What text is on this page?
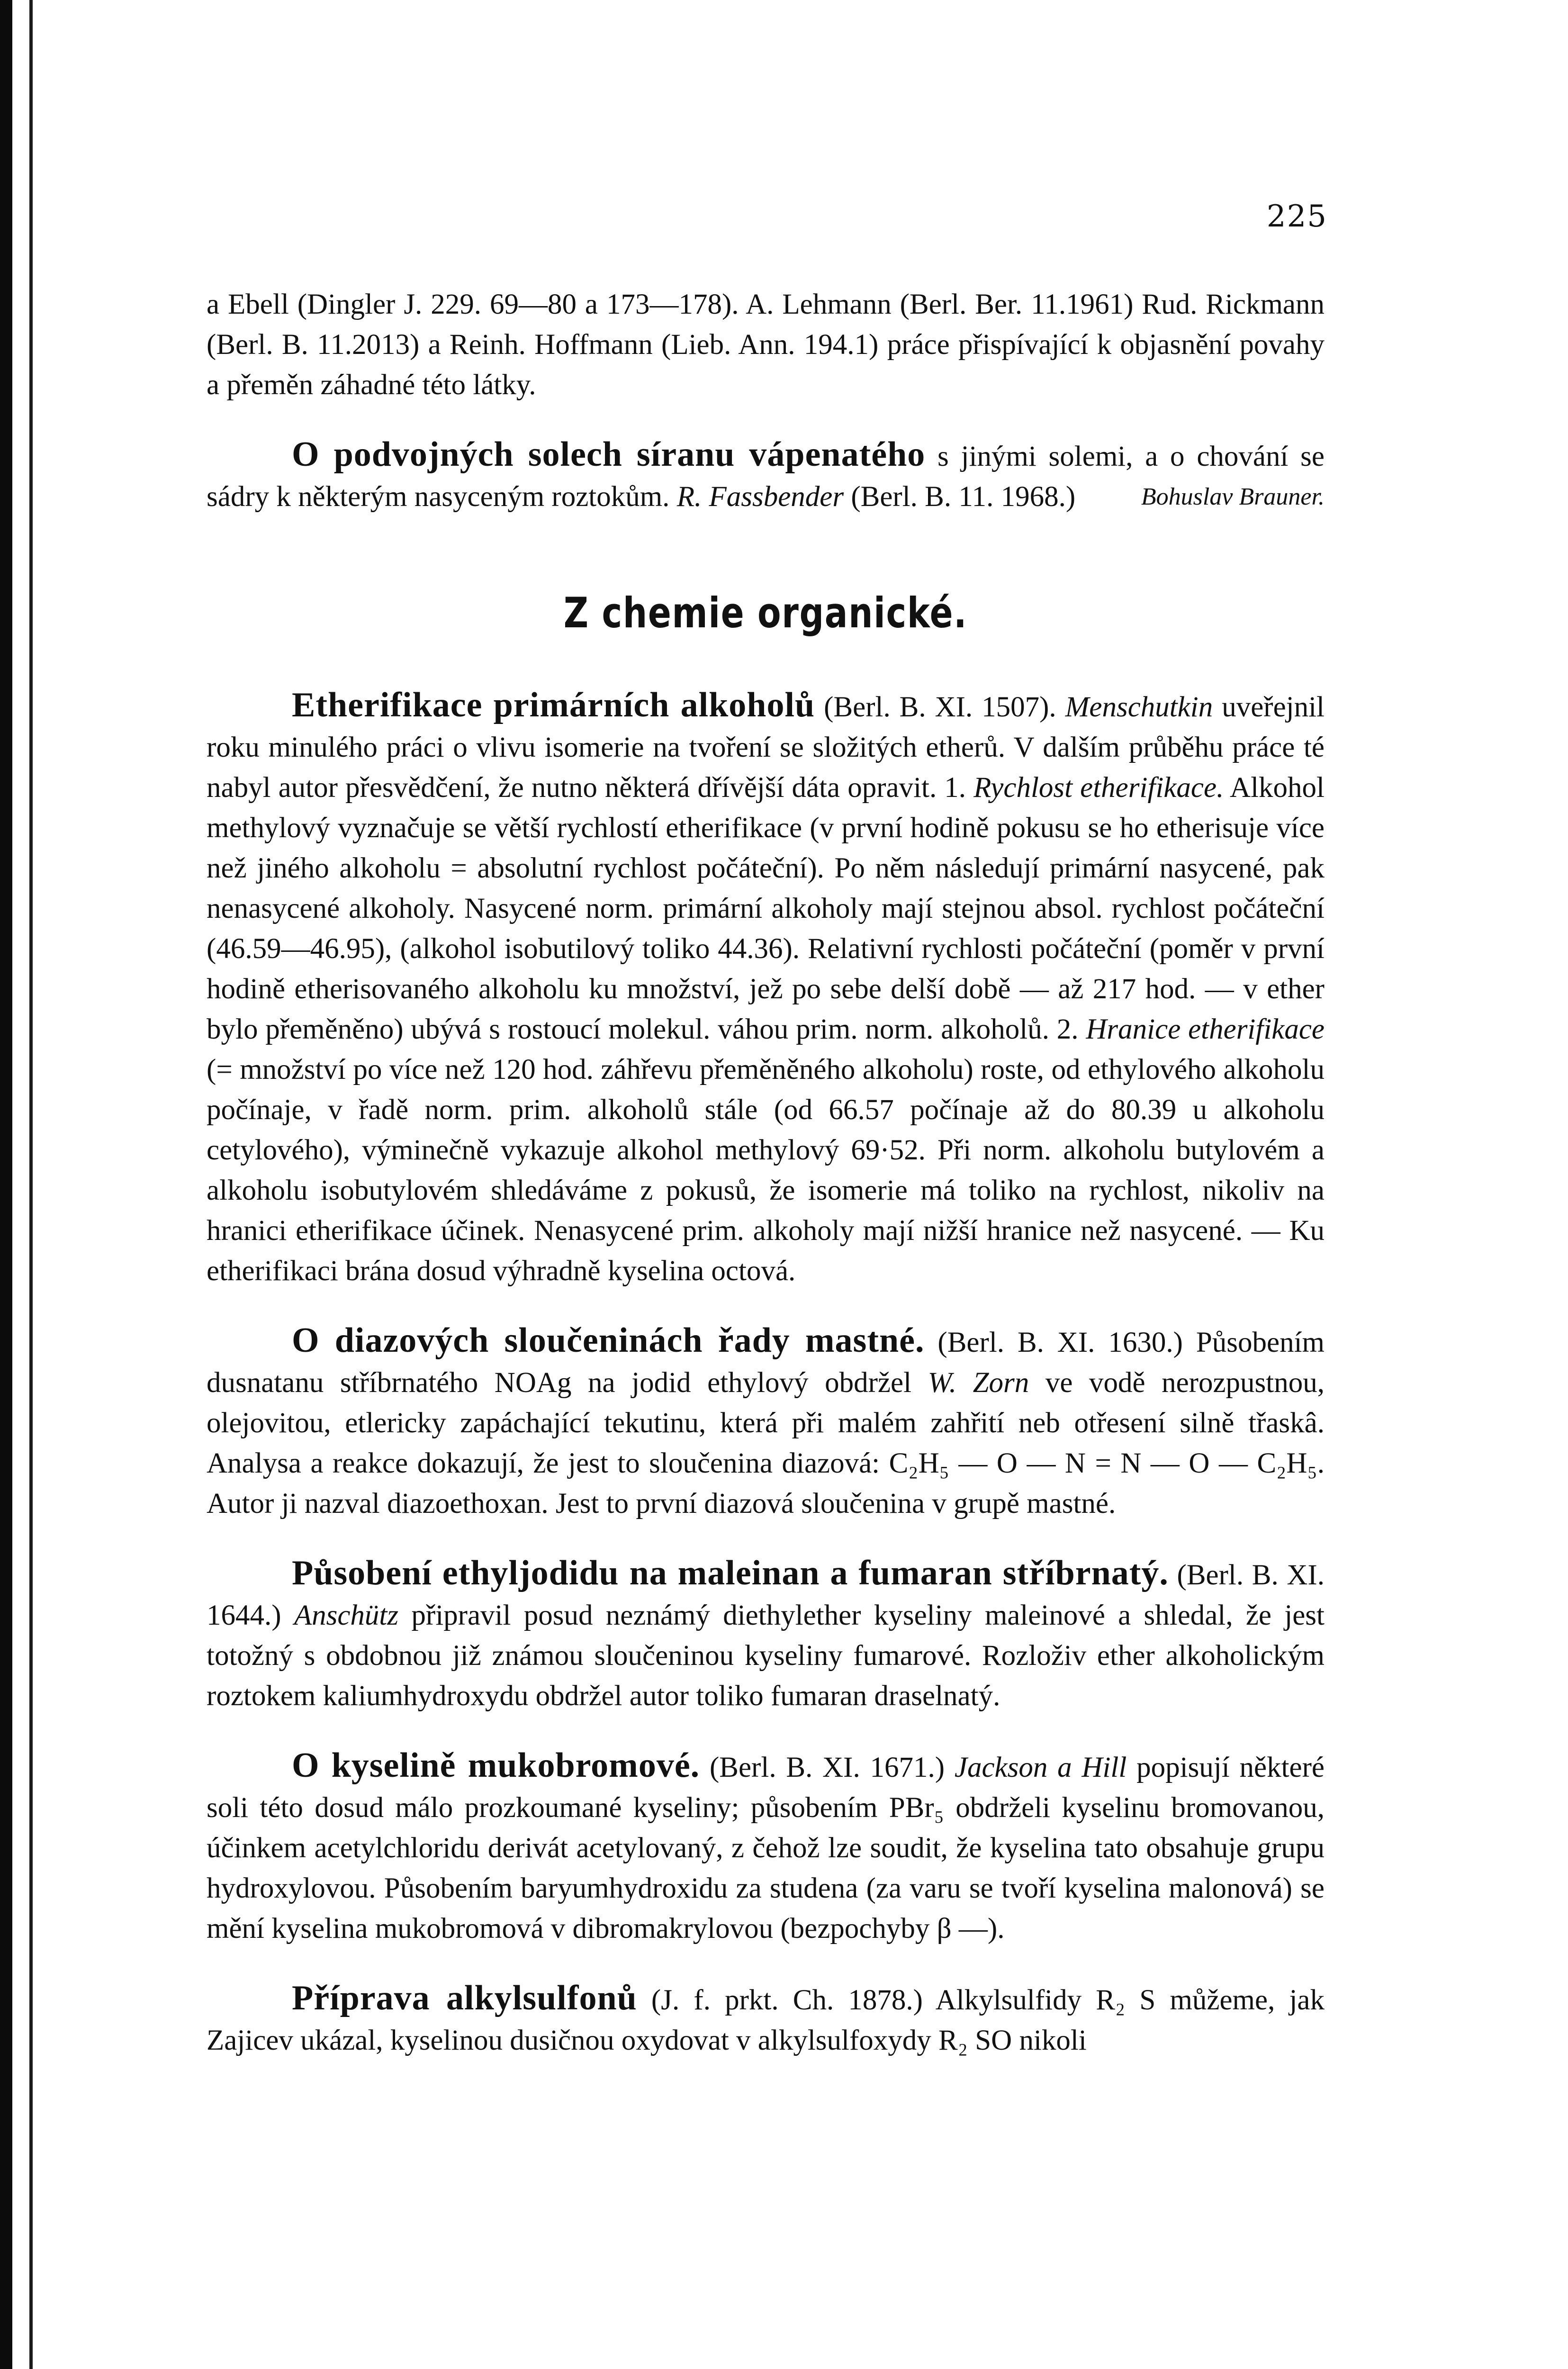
225

a Ebell (Dingler J. 229. 69—80 a 173—178). A. Lehmann (Berl. Ber. 11.1961) Rud. Rickmann (Berl. B. 11.2013) a Reinh. Hoffmann (Lieb. Ann. 194.1) práce přispívající k objasnění povahy a přeměn záhadné této látky.

O podvojných solech síranu vápenatého s jinými solemi, a o chování se sádry k některým nasyceným roztokům. R. Fassbender (Berl. B. 11. 1968.)	Bohuslav Brauner.
Z chemie organické.

Etherifikace primárních alkoholů (Berl. B. XI. 1507). Menschutkin uveřejnil roku minulého práci o vlivu isomerie na tvoření se složitých etherů. V dalším průběhu práce té nabyl autor přesvědčení, že nutno některá dřívější dáta opravit. 1. Rychlost etherifikace. Alkohol methylový vyznačuje se větší rychlostí etherifikace (v první hodině pokusu se ho etherisuje více než jiného alkoholu = absolutní rychlost počáteční). Po něm následují primární nasycené, pak nenasycené alkoholy. Nasycené norm. primární alkoholy mají stejnou absol. rychlost počáteční (46.59—46.95), (alkohol isobutilový toliko 44.36). Relativní rychlosti počáteční (poměr v první hodině etherisovaného alkoholu ku množství, jež po sebe delší době — až 217 hod. — v ether bylo přeměněno) ubývá s rostoucí molekul. váhou prim. norm. alkoholů. 2. Hranice etherifikace (= množství po více než 120 hod. záhřevu přeměněného alkoholu) roste, od ethylového alkoholu počínaje, v řadě norm. prim. alkoholů stále (od 66.57 počínaje až do 80.39 u alkoholu cetylového), výminečně vykazuje alkohol methylový 69·52. Při norm. alkoholu butylovém a alkoholu isobutylovém shledáváme z pokusů, že isomerie má toliko na rychlost, nikoliv na hranici etherifikace účinek. Nenasycené prim. alkoholy mají nižší hranice než nasycené. — Ku etherifikaci brána dosud výhradně kyselina octová.

O diazových sloučeninách řady mastné. (Berl. B. XI. 1630.) Působením dusnatanu stříbrnatého NOAg na jodid ethylový obdržel W. Zorn ve vodě nerozpustnou, olejovitou, etlericky zapáchající tekutinu, která při malém zahřití neb otřesení silně třaskâ. Analysa a reakce dokazují, že jest to sloučenina diazová: C₂H₅ — O — N = N — O — C₂H₅. Autor ji nazval diazoethoxan. Jest to první diazová sloučenina v grupě mastné.

Působení ethyljodidu na maleinan a fumaran stříbrnatý. (Berl. B. XI. 1644.) Anschütz připravil posud neznámý diethylether kyseliny maleinové a shledal, že jest totožný s obdobnou již známou sloučeninou kyseliny fumarové. Rozloživ ether alkoholickým roztokem kaliumhydroxydu obdržel autor toliko fumaran draselnatý.

O kyselině mukobromové. (Berl. B. XI. 1671.) Jackson a Hill popisují některé soli této dosud málo prozkoumané kyseliny; působením PBr₅ obdrželi kyselinu bromovanou, účinkem acetylchloridu derivát acetylovaný, z čehož lze soudit, že kyselina tato obsahuje grupu hydroxylovou. Působením baryumhydroxidu za studena (za varu se tvoří kyselina malonová) se mění kyselina mukobromová v dibromakrylovou (bezpochyby β —).

Příprava alkylsulfonů (J. f. prkt. Ch. 1878.) Alkylsulfidy R₂ S můžeme, jak Zajicev ukázal, kyselinou dusičnou oxydovat v alkylsulfoxydy R₂ SO nikoli
